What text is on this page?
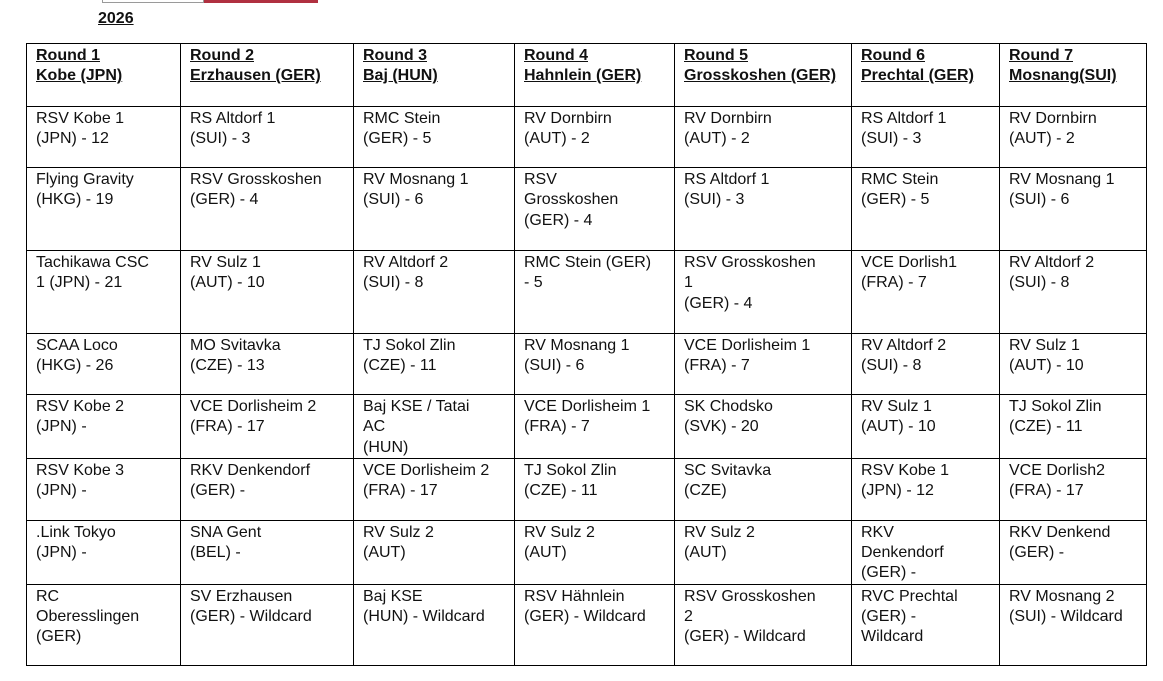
2026
Round 1
Kobe (JPN)	Round 2
Erzhausen (GER)	Round 3
Baj (HUN)	Round 4
Hahnlein (GER)	Round 5
Grosskoshen (GER)	Round 6
Prechtal (GER)	Round 7
Mosnang(SUI)

RSV Kobe 1
(JPN) - 12	RS Altdorf 1
(SUI) - 3	RMC Stein
(GER) - 5	RV Dornbirn
(AUT) - 2	RV Dornbirn
(AUT) - 2	RS Altdorf 1
(SUI) - 3	RV Dornbirn
(AUT) - 2

Flying Gravity
(HKG) - 19	RSV Grosskoshen
(GER) - 4	RV Mosnang 1
(SUI) - 6	RSV
Grosskoshen
(GER) - 4	RS Altdorf 1
(SUI) - 3	RMC Stein
(GER) - 5	RV Mosnang 1
(SUI) - 6

Tachikawa CSC
1 (JPN) - 21	RV Sulz 1
(AUT) - 10	RV Altdorf 2
(SUI) - 8	RMC Stein (GER)
- 5	RSV Grosskoshen
1
(GER) - 4	VCE Dorlish1
(FRA) - 7	RV Altdorf 2
(SUI) - 8

SCAA Loco
(HKG) - 26	MO Svitavka
(CZE) - 13	TJ Sokol Zlin
(CZE) - 11	RV Mosnang 1
(SUI) - 6	VCE Dorlisheim 1
(FRA) - 7	RV Altdorf 2
(SUI) - 8	RV Sulz 1
(AUT) - 10

RSV Kobe 2
(JPN) -	VCE Dorlisheim 2
(FRA) - 17	Baj KSE / Tatai
AC
(HUN)	VCE Dorlisheim 1
(FRA) - 7	SK Chodsko
(SVK) - 20	RV Sulz 1
(AUT) - 10	TJ Sokol Zlin
(CZE) - 11

RSV Kobe 3
(JPN) -	RKV Denkendorf
(GER) -	VCE Dorlisheim 2
(FRA) - 17	TJ Sokol Zlin
(CZE) - 11	SC Svitavka
(CZE)	RSV Kobe 1
(JPN) - 12	VCE Dorlish2
(FRA) - 17

.Link Tokyo
(JPN) -	SNA Gent
(BEL) -	RV Sulz 2
(AUT)	RV Sulz 2
(AUT)	RV Sulz 2
(AUT)	RKV
Denkendorf
(GER) -	RKV Denkend
(GER) -

RC
Oberesslingen
(GER)	SV Erzhausen
(GER) - Wildcard	Baj KSE
(HUN) - Wildcard	RSV Hähnlein
(GER) - Wildcard	RSV Grosskoshen
2
(GER) - Wildcard	RVC Prechtal
(GER) -
Wildcard	RV Mosnang 2
(SUI) - Wildcard
